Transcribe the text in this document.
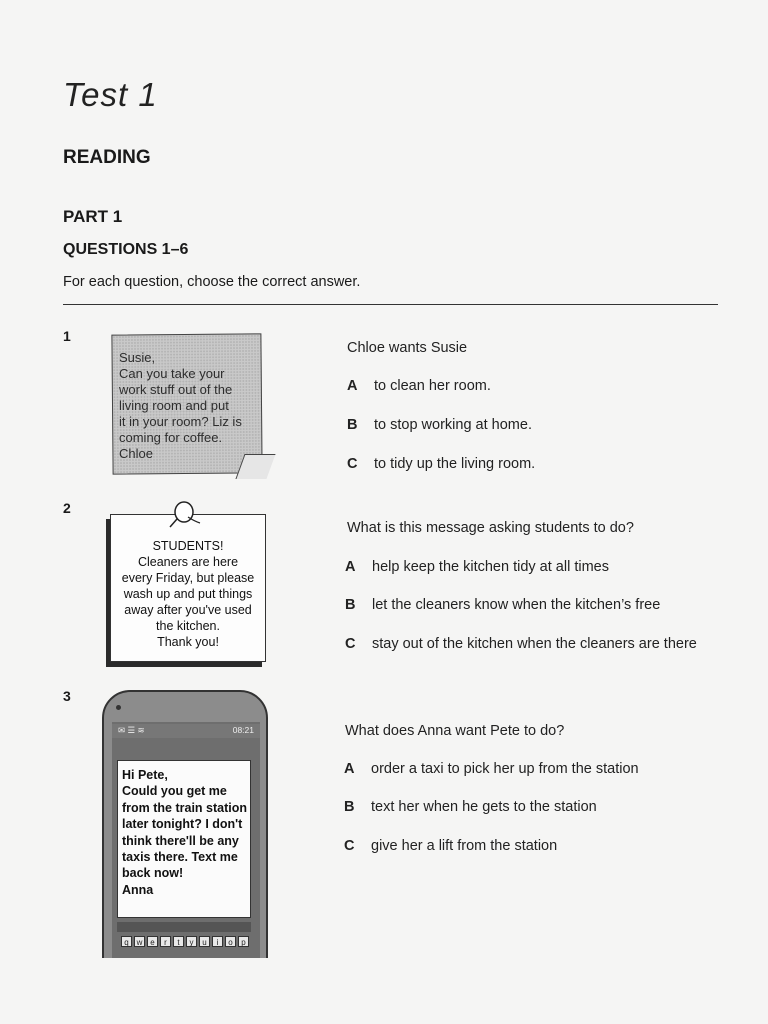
Test 1
READING
PART 1
QUESTIONS 1–6
For each question, choose the correct answer.
1
Susie,
Can you take your
work stuff out of the
living room and put
it in your room? Liz is
coming for coffee.
Chloe
Chloe wants Susie
A to clean her room.
B to stop working at home.
C to tidy up the living room.
2
STUDENTS!
Cleaners are here
every Friday, but please
wash up and put things
away after you've used
the kitchen.
Thank you!
What is this message asking students to do?
A help keep the kitchen tidy at all times
B let the cleaners know when the kitchen’s free
C stay out of the kitchen when the cleaners are there
3
✉ ☰ ≋	08:21
Hi Pete,
Could you get me
from the train station
later tonight? I don't
think there'll be any
taxis there. Text me
back now!
Anna
q w e	r	t	y	u	i	o	p
What does Anna want Pete to do?
A order a taxi to pick her up from the station
B text her when he gets to the station
C give her a lift from the station
